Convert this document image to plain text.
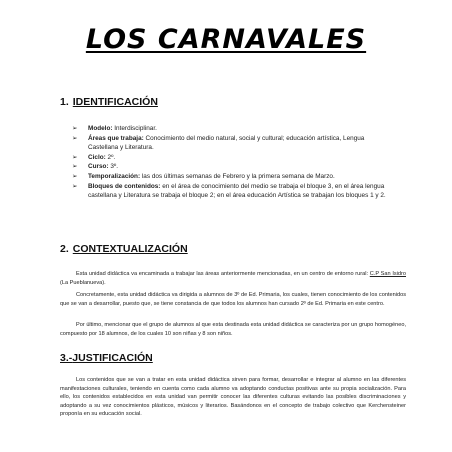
LOS CARNAVALES
1. IDENTIFICACIÓN
➢ Modelo: Interdisciplinar.
➢ Áreas que trabaja: Conocimiento del medio natural, social y cultural; educación artística, Lengua Castellana y Literatura.
➢ Ciclo: 2º.
➢ Curso: 3º.
➢ Temporalización: las dos últimas semanas de Febrero y la primera semana de Marzo.
➢ Bloques de contenidos: en el área de conocimiento del medio se trabaja el bloque 3, en el área lengua castellana y Literatura se trabaja el bloque 2; en el área educación Artística se trabajan los bloques 1 y 2.
2. CONTEXTUALIZACIÓN

Esta unidad didáctica va encaminada a trabajar las áreas anteriormente mencionadas, en un centro de entorno rural: C.P San Isidro (La Pueblanueva).

Concretamente, esta unidad didáctica va dirigida a alumnos de 3º de Ed. Primaria, los cuales, tienen conocimiento de los contenidos que se van a desarrollar, puesto que, se tiene constancia de que todos los alumnos han cursado 2º de Ed. Primaria en este centro.

Por último, mencionar que el grupo de alumnos al que esta destinada esta unidad didáctica se caracteriza por un grupo homogéneo, compuesto por 18 alumnos, de los cuales 10 son niñas y 8 son niños.

3.-JUSTIFICACIÓN

Los contenidos que se van a tratar en esta unidad didáctica sirven para formar, desarrollar e integrar al alumno en las diferentes manifestaciones culturales, teniendo en cuenta como cada alumno va adoptando conductas positivas ante su propia socialización. Para ello, los contenidos establecidos en esta unidad van permitir conocer las diferentes culturas evitando las posibles discriminaciones y adoptando a su vez conocimientos plásticos, músicos y literarios. Basándonos en el concepto de trabajo colectivo que Kerchensteiner proponía en su educación social.
